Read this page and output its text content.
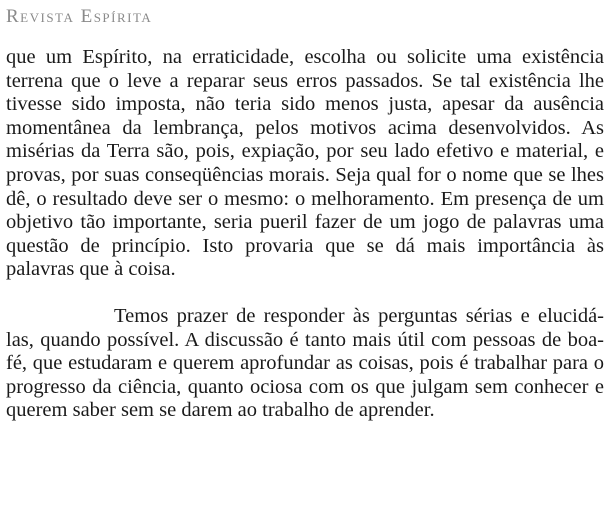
Revista Espírita

que um Espírito, na erraticidade, escolha ou solicite uma existência terrena que o leve a reparar seus erros passados. Se tal existência lhe tivesse sido imposta, não teria sido menos justa, apesar da ausência momentânea da lembrança, pelos motivos acima desenvolvidos. As misérias da Terra são, pois, expiação, por seu lado efetivo e material, e provas, por suas conseqüências morais. Seja qual for o nome que se lhes dê, o resultado deve ser o mesmo: o melhoramento. Em presença de um objetivo tão importante, seria pueril fazer de um jogo de palavras uma questão de princípio. Isto provaria que se dá mais importância às palavras que à coisa.

Temos prazer de responder às perguntas sérias e elucidá-las, quando possível. A discussão é tanto mais útil com pessoas de boa-fé, que estudaram e querem aprofundar as coisas, pois é trabalhar para o progresso da ciência, quanto ociosa com os que julgam sem conhecer e querem saber sem se darem ao trabalho de aprender.
